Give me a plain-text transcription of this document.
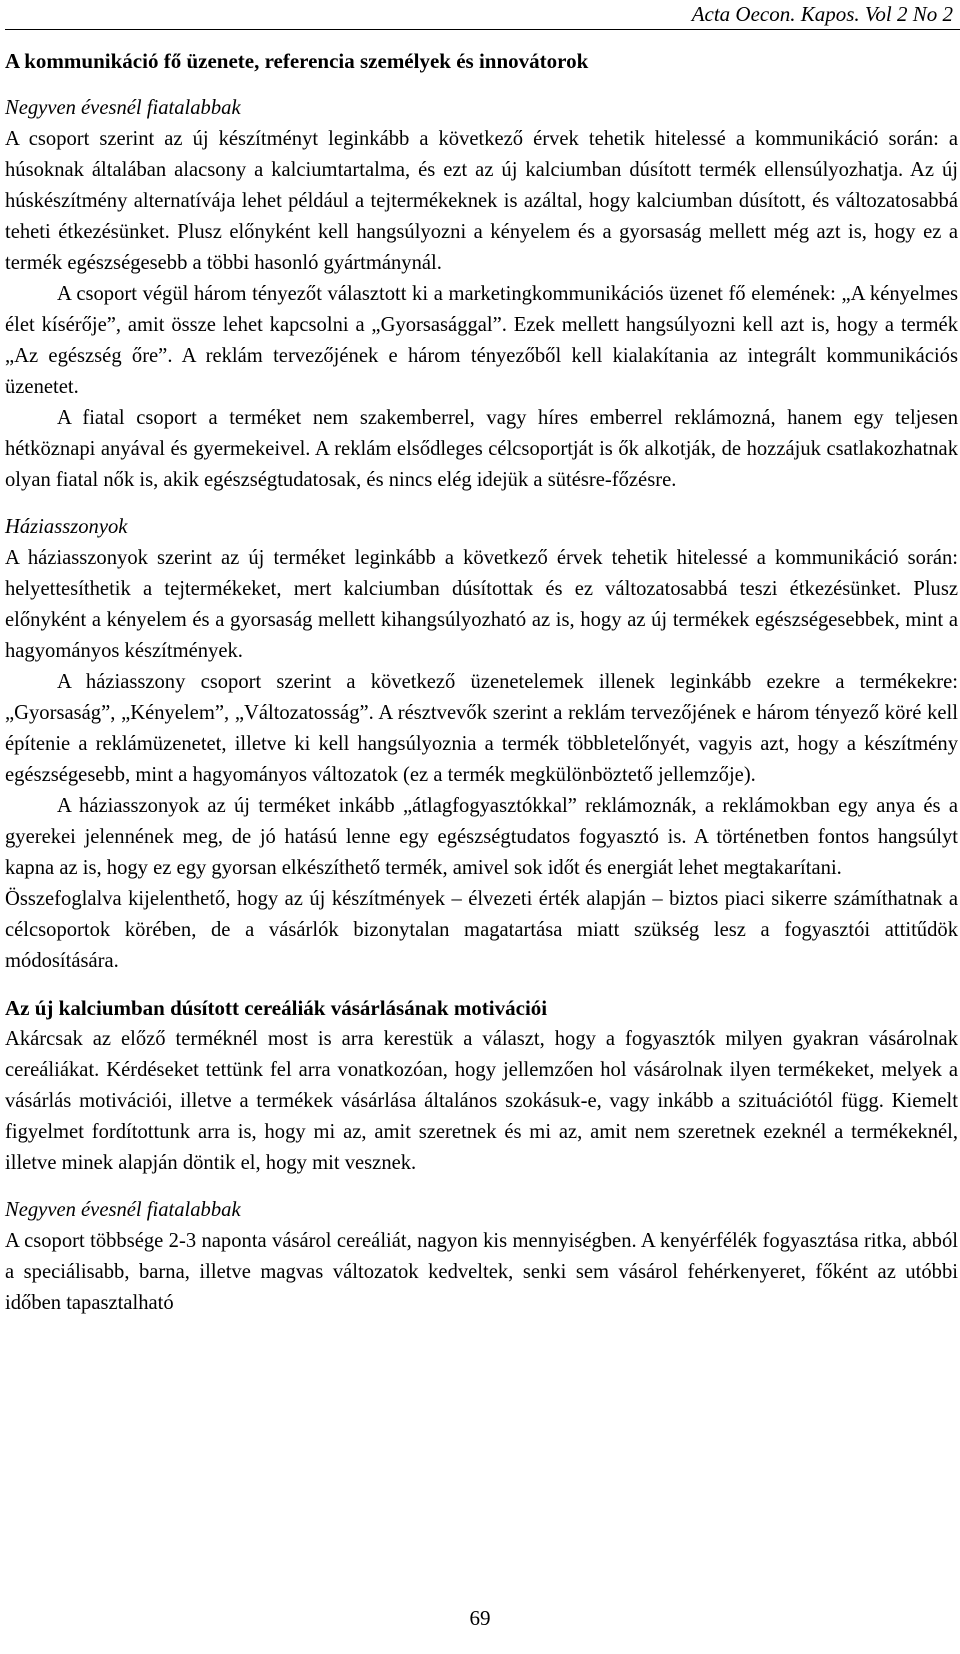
Acta Oecon. Kapos. Vol 2 No 2
A kommunikáció fő üzenete, referencia személyek és innovátorok
Negyven évesnél fiatalabbak

A csoport szerint az új készítményt leginkább a következő érvek tehetik hitelessé a kommunikáció során: a húsoknak általában alacsony a kalciumtartalma, és ezt az új kalciumban dúsított termék ellensúlyozhatja. Az új húskészítmény alternatívája lehet például a tejtermékeknek is azáltal, hogy kalciumban dúsított, és változatosabbá teheti étkezésünket. Plusz előnyként kell hangsúlyozni a kényelem és a gyorsaság mellett még azt is, hogy ez a termék egészségesebb a többi hasonló gyártmánynál.

A csoport végül három tényezőt választott ki a marketingkommunikációs üzenet fő elemének: „A kényelmes élet kísérője”, amit össze lehet kapcsolni a „Gyorsasággal”. Ezek mellett hangsúlyozni kell azt is, hogy a termék „Az egészség őre”. A reklám tervezőjének e három tényezőből kell kialakítania az integrált kommunikációs üzenetet.

A fiatal csoport a terméket nem szakemberrel, vagy híres emberrel reklámozná, hanem egy teljesen hétköznapi anyával és gyermekeivel. A reklám elsődleges célcsoportját is ők alkotják, de hozzájuk csatlakozhatnak olyan fiatal nők is, akik egészségtudatosak, és nincs elég idejük a sütésre-főzésre.

Háziasszonyok

A háziasszonyok szerint az új terméket leginkább a következő érvek tehetik hitelessé a kommunikáció során: helyettesíthetik a tejtermékeket, mert kalciumban dúsítottak és ez változatosabbá teszi étkezésünket. Plusz előnyként a kényelem és a gyorsaság mellett kihangsúlyozható az is, hogy az új termékek egészségesebbek, mint a hagyományos készítmények.

A háziasszony csoport szerint a következő üzenetelemek illenek leginkább ezekre a termékekre: „Gyorsaság”, „Kényelem”, „Változatosság”. A résztvevők szerint a reklám tervezőjének e három tényező köré kell építenie a reklámüzenetet, illetve ki kell hangsúlyoznia a termék többletelőnyét, vagyis azt, hogy a készítmény egészségesebb, mint a hagyományos változatok (ez a termék megkülönböztető jellemzője).

A háziasszonyok az új terméket inkább „átlagfogyasztókkal” reklámoznák, a reklámokban egy anya és a gyerekei jelennének meg, de jó hatású lenne egy egészségtudatos fogyasztó is. A történetben fontos hangsúlyt kapna az is, hogy ez egy gyorsan elkészíthető termék, amivel sok időt és energiát lehet megtakarítani.

Összefoglalva kijelenthető, hogy az új készítmények – élvezeti érték alapján – biztos piaci sikerre számíthatnak a célcsoportok körében, de a vásárlók bizonytalan magatartása miatt szükség lesz a fogyasztói attitűdök módosítására.

Az új kalciumban dúsított cereáliák vásárlásának motivációi

Akárcsak az előző terméknél most is arra kerestük a választ, hogy a fogyasztók milyen gyakran vásárolnak cereáliákat. Kérdéseket tettünk fel arra vonatkozóan, hogy jellemzően hol vásárolnak ilyen termékeket, melyek a vásárlás motivációi, illetve a termékek vásárlása általános szokásuk-e, vagy inkább a szituációtól függ. Kiemelt figyelmet fordítottunk arra is, hogy mi az, amit szeretnek és mi az, amit nem szeretnek ezeknél a termékeknél, illetve minek alapján döntik el, hogy mit vesznek.

Negyven évesnél fiatalabbak

A csoport többsége 2-3 naponta vásárol cereáliát, nagyon kis mennyiségben. A kenyérfélék fogyasztása ritka, abból a speciálisabb, barna, illetve magvas változatok kedveltek, senki sem vásárol fehérkenyeret, főként az utóbbi időben tapasztalható

69
